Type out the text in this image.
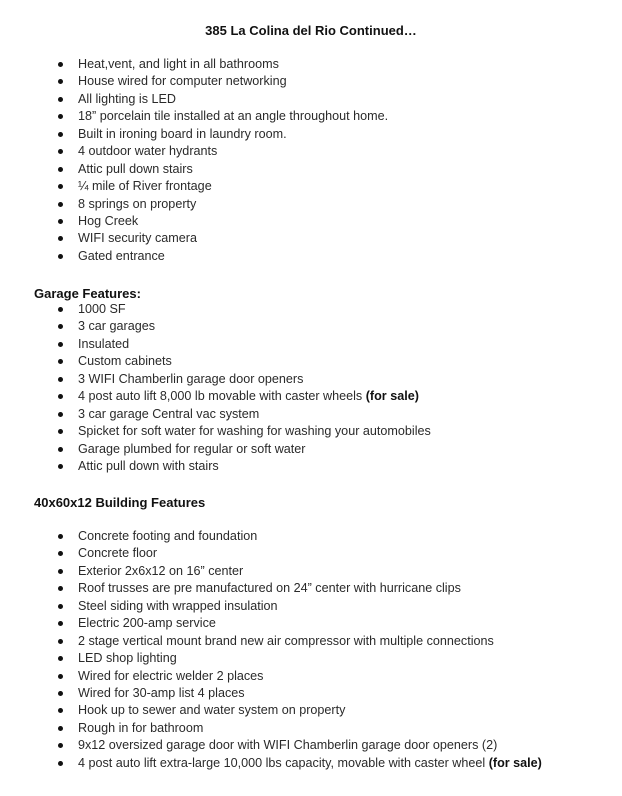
385 La Colina del Rio Continued…
Heat,vent, and light in all bathrooms
House wired for computer networking
All lighting is LED
18” porcelain tile installed at an angle throughout home.
Built in ironing board in laundry room.
4 outdoor water hydrants
Attic pull down stairs
¼ mile of River frontage
8 springs on property
Hog Creek
WIFI security camera
Gated entrance
Garage Features:
1000 SF
3 car garages
Insulated
Custom cabinets
3 WIFI Chamberlin garage door openers
4 post auto lift 8,000 lb movable with caster wheels (for sale)
3 car garage Central vac system
Spicket for soft water for washing for washing your automobiles
Garage plumbed for regular or soft water
Attic pull down with stairs
40x60x12 Building Features
Concrete footing and foundation
Concrete floor
Exterior 2x6x12 on 16” center
Roof trusses are pre manufactured on 24” center with hurricane clips
Steel siding with wrapped insulation
Electric 200-amp service
2 stage vertical mount brand new air compressor with multiple connections
LED shop lighting
Wired for electric welder 2 places
Wired for 30-amp list 4 places
Hook up to sewer and water system on property
Rough in for bathroom
9x12 oversized garage door with WIFI Chamberlin garage door openers (2)
4 post auto lift extra-large 10,000 lbs capacity, movable with caster wheel (for sale)
